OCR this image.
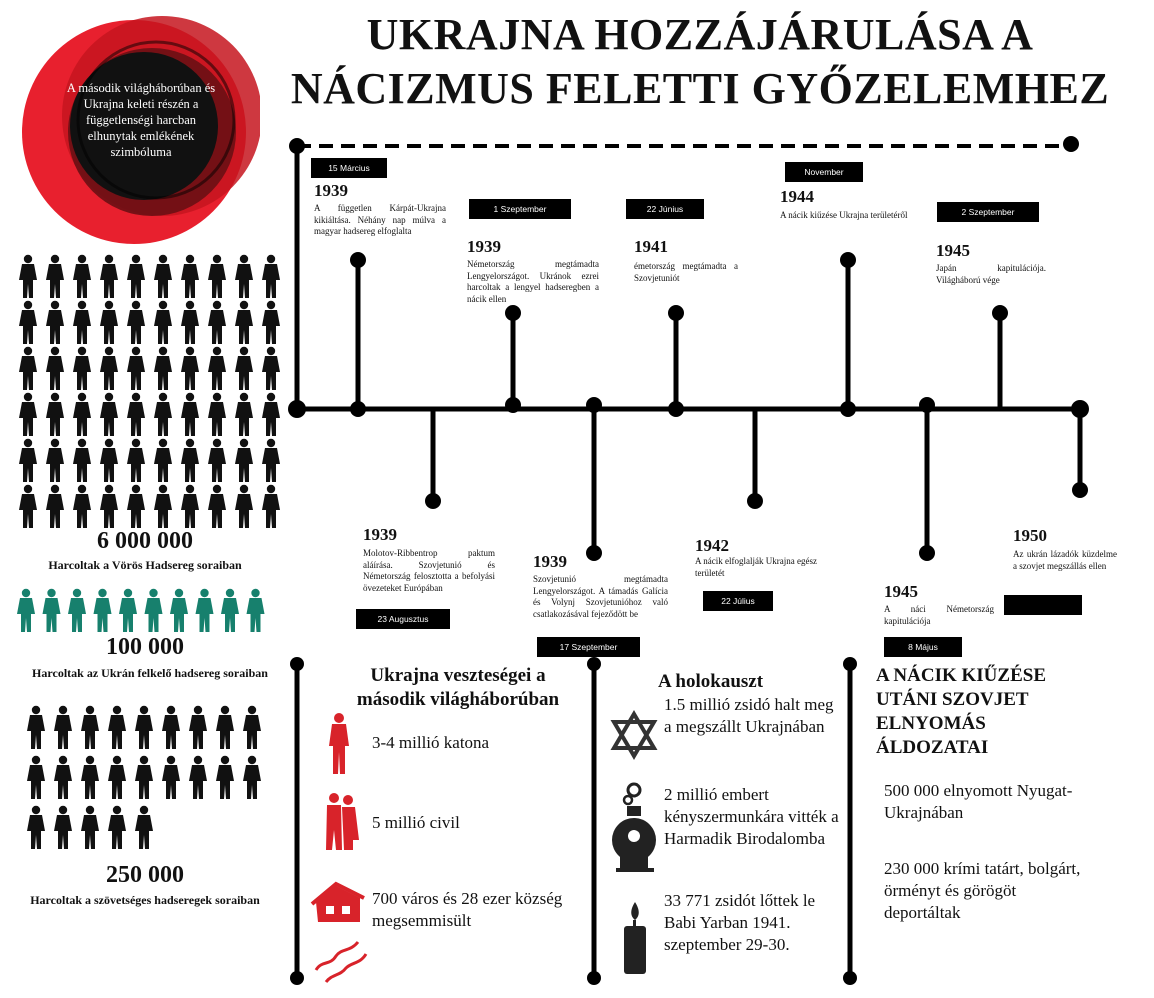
UKRAJNA HOZZÁJÁRULÁSA A
NÁCIZMUS FELETTI GYŐZELEMHEZ
A második világháborúban és Ukrajna keleti részén a függetlenségi harcban elhunytak emlékének szimbóluma
6 000 000
Harcoltak a Vörös Hadsereg soraiban
100 000
Harcoltak az Ukrán felkelő hadsereg soraiban
250 000
Harcoltak a szövetséges hadseregek soraiban
15 Március
1939
A független Kárpát-Ukrajna kikiáltása. Néhány nap múlva a magyar hadsereg elfoglalta
1 Szeptember
1939
Németország megtámadta Lengyelországot. Ukránok ezrei harcoltak a lengyel hadseregben a nácik ellen
22 Június
1941
émetország megtámadta a Szovjetuniót
November
1944
A nácik kiűzése Ukrajna területéről	2 Szeptember
1945
Japán kapitulációja. Világháború vége
1939
Molotov-Ribbentrop paktum aláírása. Szovjetunió és Németország felosztotta a befolyási övezeteket Európában
23 Augusztus
1939
Szovjetunió megtámadta Lengyelországot. A támadás Galícia és Volynj Szovjetunióhoz való csatlakozásával fejeződött be
17 Szeptember
1942
A nácik elfoglalják Ukrajna egész területét
22 Július	1945
A náci Németország kapitulációja
8 Május
1950
Az ukrán lázadók küzdelme a szovjet megszállás ellen
Ukrajna veszteségei a második világháborúban
3-4 millió katona
5 millió civil
700 város és 28 ezer község megsemmisült
A holokauszt
1.5 millió zsidó halt meg a megszállt Ukrajnában
2 millió embert kényszermunkára vitték a Harmadik Birodalomba
33 771 zsidót lőttek le Babi Yarban 1941. szeptember 29-30.
A NÁCIK KIŰZÉSE UTÁNI SZOVJET ELNYOMÁS ÁLDOZATAI
500 000 elnyomott Nyugat-Ukrajnában
230 000 krími tatárt, bolgárt, örményt és görögöt deportáltak
